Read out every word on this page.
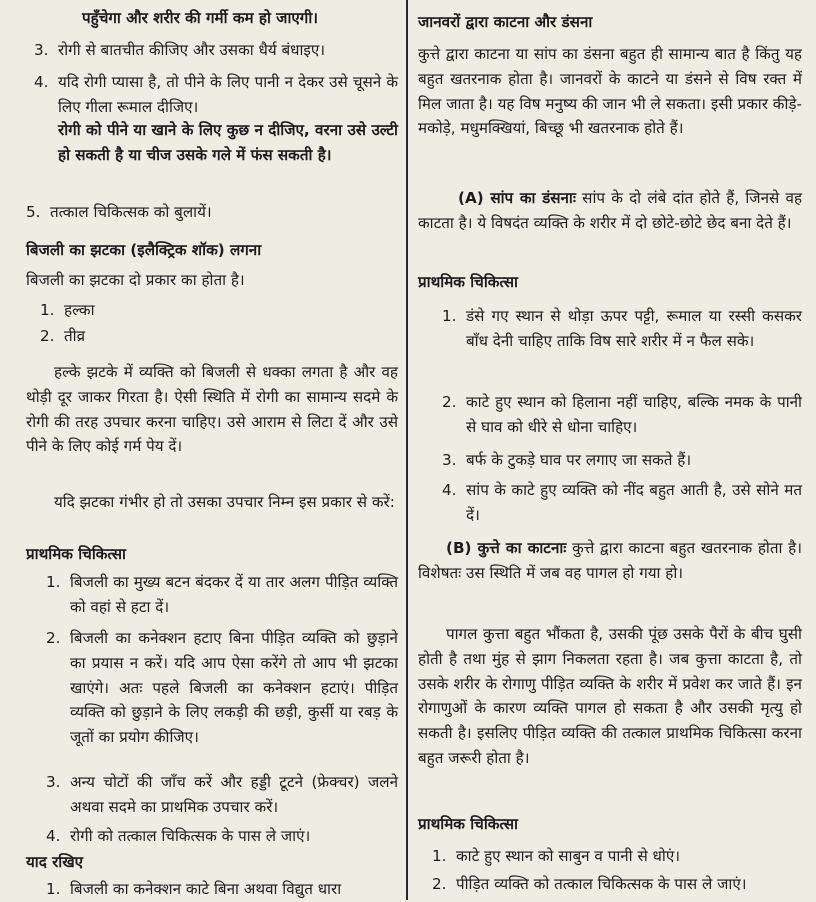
पहुँचेगा और शरीर की गर्मी कम हो जाएगी।

3. रोगी से बातचीत कीजिए और उसका धैर्य बंधाइए।
4. यदि रोगी प्यासा है, तो पीने के लिए पानी न देकर उसे चूसने के लिए गीला रूमाल दीजिए।

रोगी को पीने या खाने के लिए कुछ न दीजिए, वरना उसे उल्टी हो सकती है या चीज उसके गले में फंस सकती है।

5. तत्काल चिकित्सक को बुलायें।

बिजली का झटका (इलैक्ट्रिक शॉक) लगना

बिजली का झटका दो प्रकार का होता है।

1. हल्का
2. तीव्र

हल्के झटके में व्यक्ति को बिजली से धक्का लगता है और वह थोड़ी दूर जाकर गिरता है। ऐसी स्थिति में रोगी का सामान्य सदमे के रोगी की तरह उपचार करना चाहिए। उसे आराम से लिटा दें और उसे पीने के लिए कोई गर्म पेय दें।

यदि झटका गंभीर हो तो उसका उपचार निम्न इस प्रकार से करें:

प्राथमिक चिकित्सा

1. बिजली का मुख्य बटन बंदकर दें या तार अलग पीड़ित व्यक्ति को वहां से हटा दें।
2. बिजली का कनेक्शन हटाए बिना पीड़ित व्यक्ति को छुड़ाने का प्रयास न करें। यदि आप ऐसा करेंगे तो आप भी झटका खाएंगे। अतः पहले बिजली का कनेक्शन हटाएं। पीड़ित व्यक्ति को छुड़ाने के लिए लकड़ी की छड़ी, कुर्सी या रबड़ के जूतों का प्रयोग कीजिए।
3. अन्य चोटों की जाँच करें और हड्डी टूटने (फ्रेक्चर) जलने अथवा सदमे का प्राथमिक उपचार करें।
4. रोगी को तत्काल चिकित्सक के पास ले जाएं।

याद रखिए

1. बिजली का कनेक्शन काटे बिना अथवा विद्युत धारा

जानवरों द्वारा काटना और डंसना

कुत्ते द्वारा काटना या सांप का डंसना बहुत ही सामान्य बात है किंतु यह बहुत खतरनाक होता है। जानवरों के काटने या डंसने से विष रक्त में मिल जाता है। यह विष मनुष्य की जान भी ले सकता। इसी प्रकार कीड़े-मकोड़े, मधुमक्खियां, बिच्छू भी खतरनाक होते हैं।

(A) सांप का डंसनाः सांप के दो लंबे दांत होते हैं, जिनसे वह काटता है। ये विषदंत व्यक्ति के शरीर में दो छोटे-छोटे छेद बना देते हैं।

प्राथमिक चिकित्सा

1. डंसे गए स्थान से थोड़ा ऊपर पट्टी, रूमाल या रस्सी कसकर बाँध देनी चाहिए ताकि विष सारे शरीर में न फैल सके।
2. काटे हुए स्थान को हिलाना नहीं चाहिए, बल्कि नमक के पानी से घाव को धीरे से धोना चाहिए।
3. बर्फ के टुकड़े घाव पर लगाए जा सकते हैं।
4. सांप के काटे हुए व्यक्ति को नींद बहुत आती है, उसे सोने मत दें।

(B) कुत्ते का काटनाः कुत्ते द्वारा काटना बहुत खतरनाक होता है। विशेषतः उस स्थिति में जब वह पागल हो गया हो।

पागल कुत्ता बहुत भौंकता है, उसकी पूंछ उसके पैरों के बीच घुसी होती है तथा मुंह से झाग निकलता रहता है। जब कुत्ता काटता है, तो उसके शरीर के रोगाणु पीड़ित व्यक्ति के शरीर में प्रवेश कर जाते हैं। इन रोगाणुओं के कारण व्यक्ति पागल हो सकता है और उसकी मृत्यु हो सकती है। इसलिए पीड़ित व्यक्ति की तत्काल प्राथमिक चिकित्सा करना बहुत जरूरी होता है।

प्राथमिक चिकित्सा

1. काटे हुए स्थान को साबुन व पानी से धोएं।
2. पीड़ित व्यक्ति को तत्काल चिकित्सक के पास ले जाएं।
